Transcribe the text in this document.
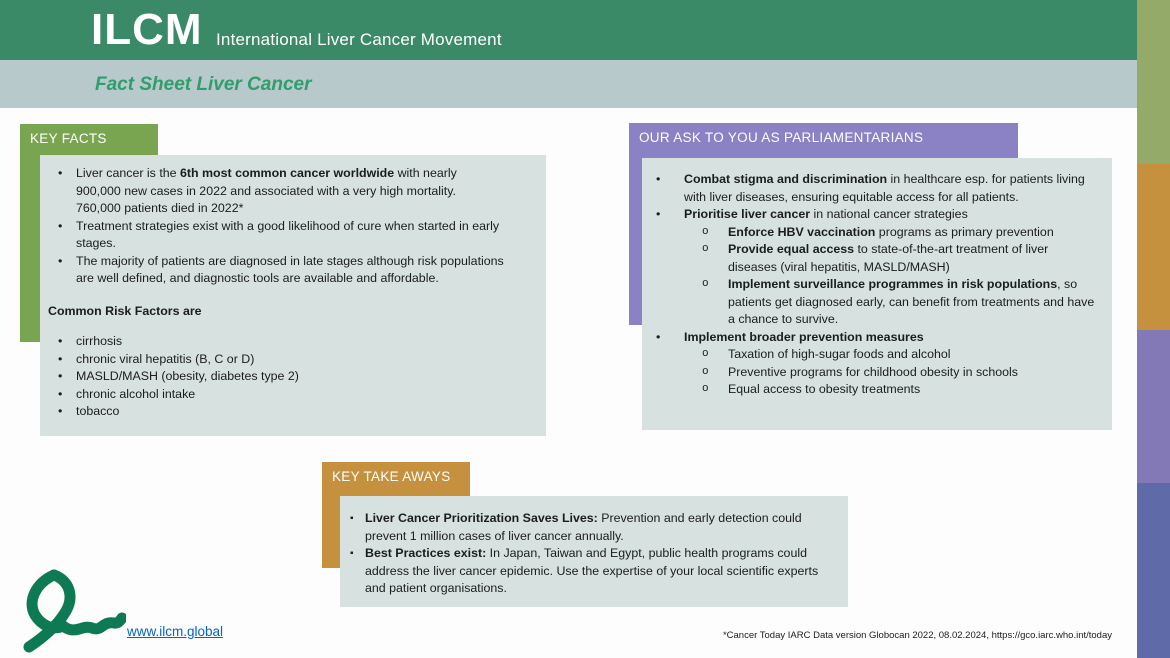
ILCM International Liver Cancer Movement
Fact Sheet Liver Cancer
KEY FACTS
• Liver cancer is the 6th most common cancer worldwide with nearly 900,000 new cases in 2022 and associated with a very high mortality. 760,000 patients died in 2022*
• Treatment strategies exist with a good likelihood of cure when started in early stages.
• The majority of patients are diagnosed in late stages although risk populations are well defined, and diagnostic tools are available and affordable.

Common Risk Factors are

• cirrhosis
• chronic viral hepatitis (B, C or D)
• MASLD/MASH (obesity, diabetes type 2)
• chronic alcohol intake
• tobacco
OUR ASK TO YOU AS PARLIAMENTARIANS
• Combat stigma and discrimination in healthcare esp. for patients living with liver diseases, ensuring equitable access for all patients.
• Prioritise liver cancer in national cancer strategies
o Enforce HBV vaccination programs as primary prevention
o Provide equal access to state-of-the-art treatment of liver diseases (viral hepatitis, MASLD/MASH)
o Implement surveillance programmes in risk populations, so patients get diagnosed early, can benefit from treatments and have a chance to survive.
• Implement broader prevention measures
o Taxation of high-sugar foods and alcohol
o Preventive programs for childhood obesity in schools
o Equal access to obesity treatments
KEY TAKE AWAYS
▪ Liver Cancer Prioritization Saves Lives: Prevention and early detection could prevent 1 million cases of liver cancer annually.
▪ Best Practices exist: In Japan, Taiwan and Egypt, public health programs could address the liver cancer epidemic. Use the expertise of your local scientific experts and patient organisations.
www.ilcm.global	*Cancer Today IARC Data version Globocan 2022, 08.02.2024, https://gco.iarc.who.int/today
